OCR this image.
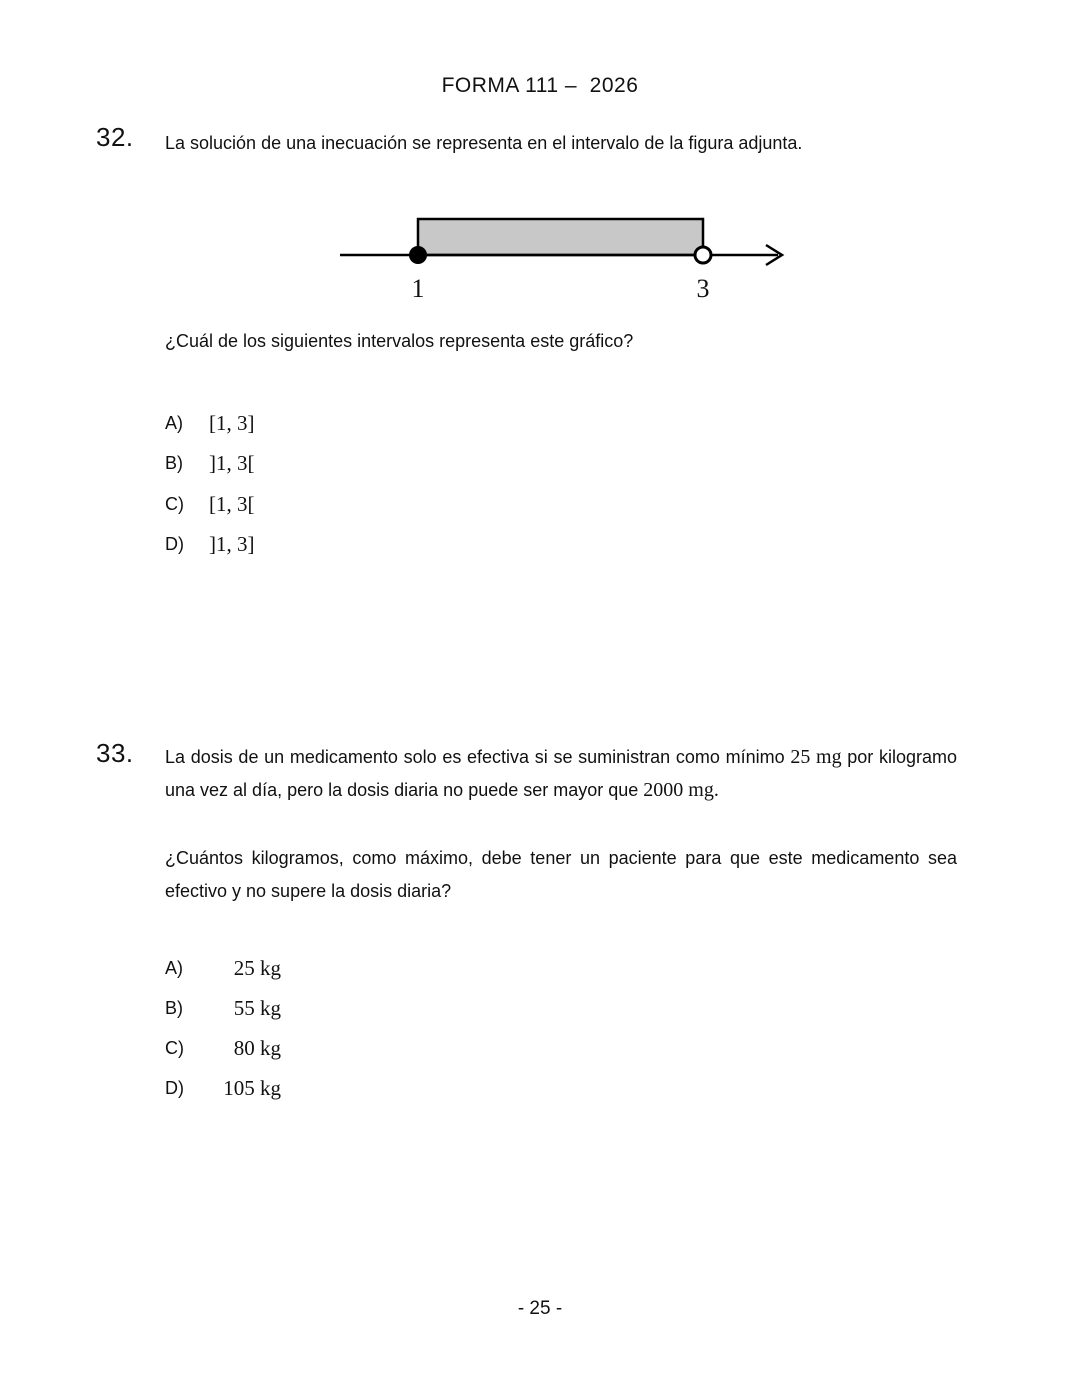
FORMA 111 –  2026
32. La solución de una inecuación se representa en el intervalo de la figura adjunta.
1	3
¿Cuál de los siguientes intervalos representa este gráfico?
A)	[1, 3]
B)	]1, 3[
C)	[1, 3[
D)	]1, 3]
33. La dosis de un medicamento solo es efectiva si se suministran como mínimo 25 mg por kilogramo una vez al día, pero la dosis diaria no puede ser mayor que 2000 mg.
¿Cuántos kilogramos, como máximo, debe tener un paciente para que este medicamento sea efectivo y no supere la dosis diaria?
A)	25 kg
B)	55 kg
C)	80 kg
D)	105 kg
- 25 -
